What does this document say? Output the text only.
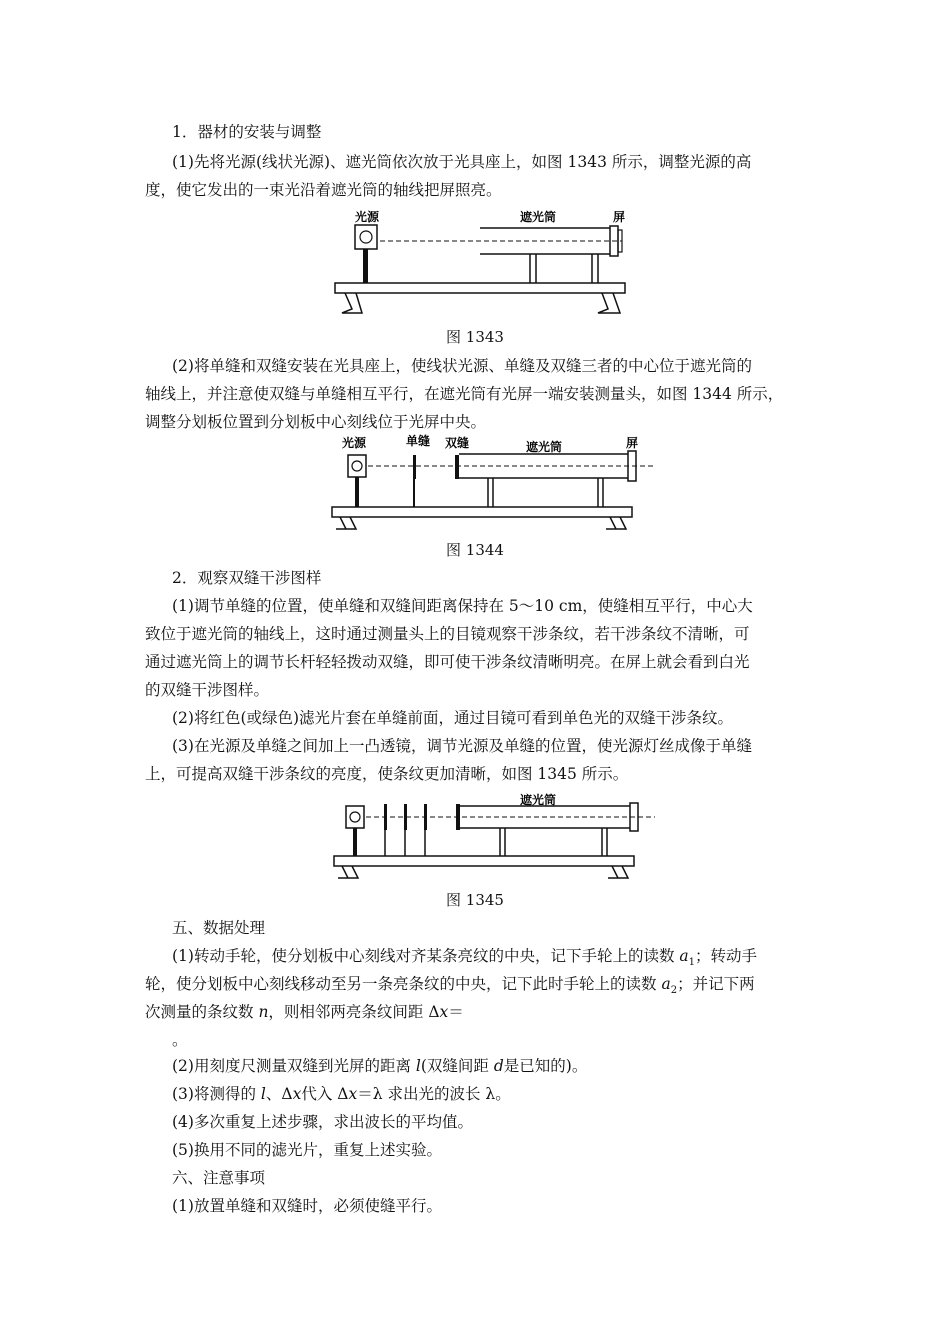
1．器材的安装与调整
(1)先将光源(线状光源)、遮光筒依次放于光具座上，如图 1343 所示，调整光源的高
度，使它发出的一束光沿着遮光筒的轴线把屏照亮。
光源	遮光筒	屏
图 1343
(2)将单缝和双缝安装在光具座上，使线状光源、单缝及双缝三者的中心位于遮光筒的
轴线上，并注意使双缝与单缝相互平行，在遮光筒有光屏一端安装测量头，如图 1344 所示，
调整分划板位置到分划板中心刻线位于光屏中央。
光源	单缝 双缝	遮光筒	屏
图 1344
2．观察双缝干涉图样
(1)调节单缝的位置，使单缝和双缝间距离保持在 5～10 cm，使缝相互平行，中心大
致位于遮光筒的轴线上，这时通过测量头上的目镜观察干涉条纹，若干涉条纹不清晰，可
通过遮光筒上的调节长杆轻轻拨动双缝，即可使干涉条纹清晰明亮。在屏上就会看到白光
的双缝干涉图样。
(2)将红色(或绿色)滤光片套在单缝前面，通过目镜可看到单色光的双缝干涉条纹。
(3)在光源及单缝之间加上一凸透镜，调节光源及单缝的位置，使光源灯丝成像于单缝
上，可提高双缝干涉条纹的亮度，使条纹更加清晰，如图 1345 所示。
遮光筒
图 1345
五、数据处理
(1)转动手轮，使分划板中心刻线对齐某条亮纹的中央，记下手轮上的读数 $a_1$；转动手
轮，使分划板中心刻线移动至另一条亮条纹的中央，记下此时手轮上的读数 $a_2$；并记下两
次测量的条纹数 n，则相邻两亮条纹间距 Δx＝
。
(2)用刻度尺测量双缝到光屏的距离 l(双缝间距 d是已知的)。
(3)将测得的 l、Δx代入 Δx＝λ 求出光的波长 λ。
(4)多次重复上述步骤，求出波长的平均值。
(5)换用不同的滤光片，重复上述实验。
六、注意事项
(1)放置单缝和双缝时，必须使缝平行。
